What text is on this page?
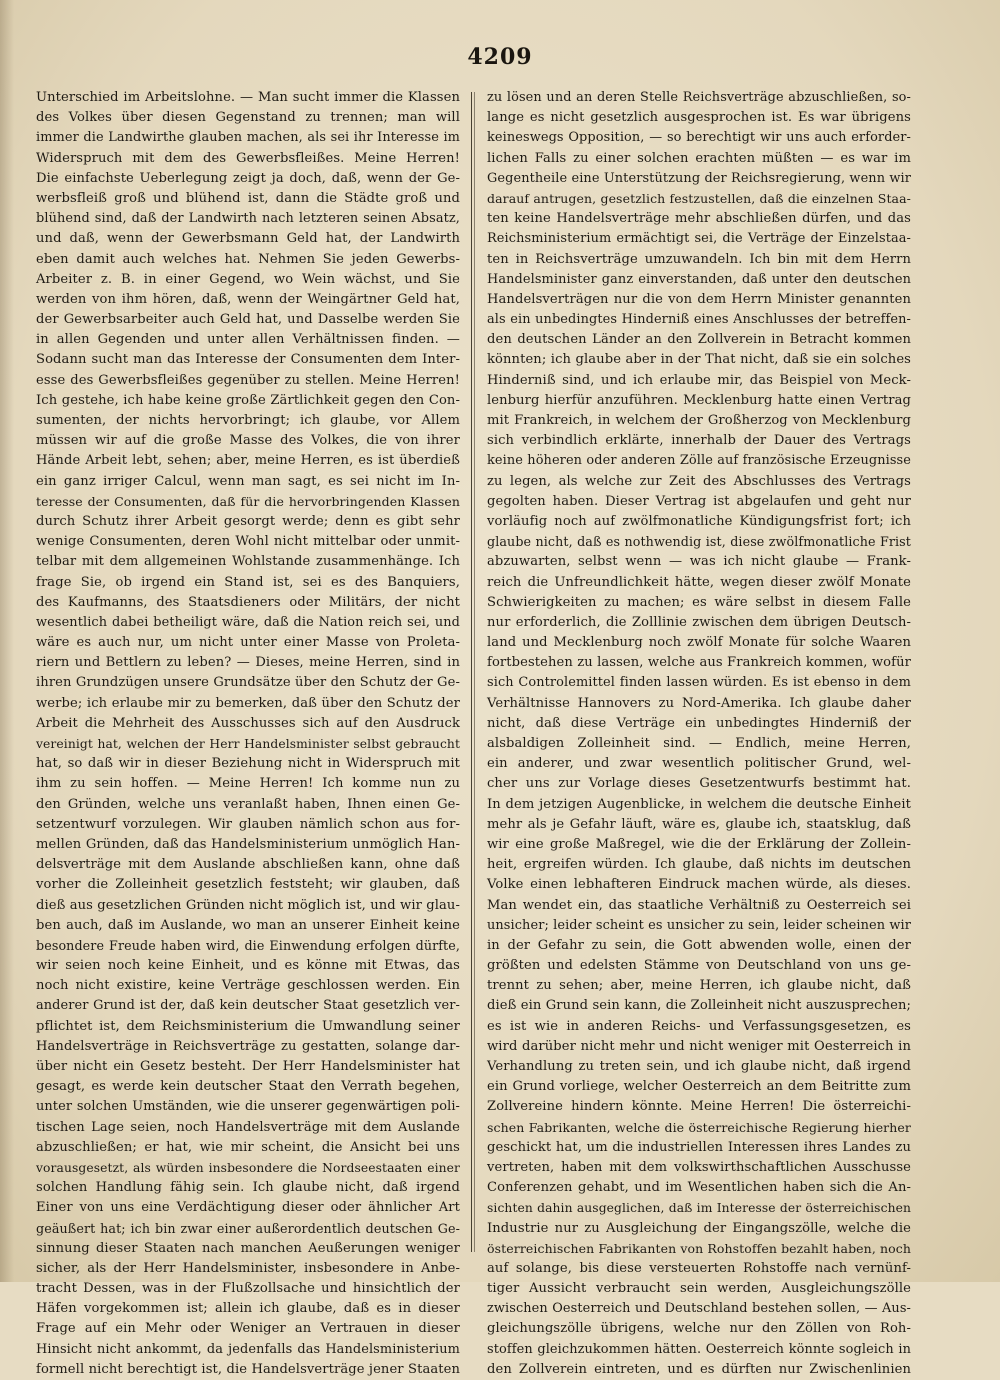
4209
Unterschied im Arbeitslohne. — Man sucht immer die Klassen
des Volkes über diesen Gegenstand zu trennen; man will
immer die Landwirthe glauben machen, als sei ihr Interesse im
Widerspruch mit dem des Gewerbsfleißes. Meine Herren!
Die einfachste Ueberlegung zeigt ja doch, daß, wenn der Ge-
werbsfleiß groß und blühend ist, dann die Städte groß und
blühend sind, daß der Landwirth nach letzteren seinen Absatz,
und daß, wenn der Gewerbsmann Geld hat, der Landwirth
eben damit auch welches hat. Nehmen Sie jeden Gewerbs-
Arbeiter z. B. in einer Gegend, wo Wein wächst, und Sie
werden von ihm hören, daß, wenn der Weingärtner Geld hat,
der Gewerbsarbeiter auch Geld hat, und Dasselbe werden Sie
in allen Gegenden und unter allen Verhältnissen finden. —
Sodann sucht man das Interesse der Consumenten dem Inter-
esse des Gewerbsfleißes gegenüber zu stellen. Meine Herren!
Ich gestehe, ich habe keine große Zärtlichkeit gegen den Con-
sumenten, der nichts hervorbringt; ich glaube, vor Allem
müssen wir auf die große Masse des Volkes, die von ihrer
Hände Arbeit lebt, sehen; aber, meine Herren, es ist überdieß
ein ganz irriger Calcul, wenn man sagt, es sei nicht im In-
teresse der Consumenten, daß für die hervorbringenden Klassen
durch Schutz ihrer Arbeit gesorgt werde; denn es gibt sehr
wenige Consumenten, deren Wohl nicht mittelbar oder unmit-
telbar mit dem allgemeinen Wohlstande zusammenhänge. Ich
frage Sie, ob irgend ein Stand ist, sei es des Banquiers,
des Kaufmanns, des Staatsdieners oder Militärs, der nicht
wesentlich dabei betheiligt wäre, daß die Nation reich sei, und
wäre es auch nur, um nicht unter einer Masse von Proleta-
riern und Bettlern zu leben? — Dieses, meine Herren, sind in
ihren Grundzügen unsere Grundsätze über den Schutz der Ge-
werbe; ich erlaube mir zu bemerken, daß über den Schutz der
Arbeit die Mehrheit des Ausschusses sich auf den Ausdruck
vereinigt hat, welchen der Herr Handelsminister selbst gebraucht
hat, so daß wir in dieser Beziehung nicht in Widerspruch mit
ihm zu sein hoffen. — Meine Herren! Ich komme nun zu
den Gründen, welche uns veranlaßt haben, Ihnen einen Ge-
setzentwurf vorzulegen. Wir glauben nämlich schon aus for-
mellen Gründen, daß das Handelsministerium unmöglich Han-
delsverträge mit dem Auslande abschließen kann, ohne daß
vorher die Zolleinheit gesetzlich feststeht; wir glauben, daß
dieß aus gesetzlichen Gründen nicht möglich ist, und wir glau-
ben auch, daß im Auslande, wo man an unserer Einheit keine
besondere Freude haben wird, die Einwendung erfolgen dürfte,
wir seien noch keine Einheit, und es könne mit Etwas, das
noch nicht existire, keine Verträge geschlossen werden. Ein
anderer Grund ist der, daß kein deutscher Staat gesetzlich ver-
pflichtet ist, dem Reichsministerium die Umwandlung seiner
Handelsverträge in Reichsverträge zu gestatten, solange dar-
über nicht ein Gesetz besteht. Der Herr Handelsminister hat
gesagt, es werde kein deutscher Staat den Verrath begehen,
unter solchen Umständen, wie die unserer gegenwärtigen poli-
tischen Lage seien, noch Handelsverträge mit dem Auslande
abzuschließen; er hat, wie mir scheint, die Ansicht bei uns
vorausgesetzt, als würden insbesondere die Nordseestaaten einer
solchen Handlung fähig sein. Ich glaube nicht, daß irgend
Einer von uns eine Verdächtigung dieser oder ähnlicher Art
geäußert hat; ich bin zwar einer außerordentlich deutschen Ge-
sinnung dieser Staaten nach manchen Aeußerungen weniger
sicher, als der Herr Handelsminister, insbesondere in Anbe-
tracht Dessen, was in der Flußzollsache und hinsichtlich der
Häfen vorgekommen ist; allein ich glaube, daß es in dieser
Frage auf ein Mehr oder Weniger an Vertrauen in dieser
Hinsicht nicht ankommt, da jedenfalls das Handelsministerium
formell nicht berechtigt ist, die Handelsverträge jener Staaten
zu lösen und an deren Stelle Reichsverträge abzuschließen, so-
lange es nicht gesetzlich ausgesprochen ist. Es war übrigens
keineswegs Opposition, — so berechtigt wir uns auch erforder-
lichen Falls zu einer solchen erachten müßten — es war im
Gegentheile eine Unterstützung der Reichsregierung, wenn wir
darauf antrugen, gesetzlich festzustellen, daß die einzelnen Staa-
ten keine Handelsverträge mehr abschließen dürfen, und das
Reichsministerium ermächtigt sei, die Verträge der Einzelstaa-
ten in Reichsverträge umzuwandeln. Ich bin mit dem Herrn
Handelsminister ganz einverstanden, daß unter den deutschen
Handelsverträgen nur die von dem Herrn Minister genannten
als ein unbedingtes Hinderniß eines Anschlusses der betreffen-
den deutschen Länder an den Zollverein in Betracht kommen
könnten; ich glaube aber in der That nicht, daß sie ein solches
Hinderniß sind, und ich erlaube mir, das Beispiel von Meck-
lenburg hierfür anzuführen. Mecklenburg hatte einen Vertrag
mit Frankreich, in welchem der Großherzog von Mecklenburg
sich verbindlich erklärte, innerhalb der Dauer des Vertrags
keine höheren oder anderen Zölle auf französische Erzeugnisse
zu legen, als welche zur Zeit des Abschlusses des Vertrags
gegolten haben. Dieser Vertrag ist abgelaufen und geht nur
vorläufig noch auf zwölfmonatliche Kündigungsfrist fort; ich
glaube nicht, daß es nothwendig ist, diese zwölfmonatliche Frist
abzuwarten, selbst wenn — was ich nicht glaube — Frank-
reich die Unfreundlichkeit hätte, wegen dieser zwölf Monate
Schwierigkeiten zu machen; es wäre selbst in diesem Falle
nur erforderlich, die Zolllinie zwischen dem übrigen Deutsch-
land und Mecklenburg noch zwölf Monate für solche Waaren
fortbestehen zu lassen, welche aus Frankreich kommen, wofür
sich Controlemittel finden lassen würden. Es ist ebenso in dem
Verhältnisse Hannovers zu Nord-Amerika. Ich glaube daher
nicht, daß diese Verträge ein unbedingtes Hinderniß der
alsbaldigen Zolleinheit sind. — Endlich, meine Herren,
ein anderer, und zwar wesentlich politischer Grund, wel-
cher uns zur Vorlage dieses Gesetzentwurfs bestimmt hat.
In dem jetzigen Augenblicke, in welchem die deutsche Einheit
mehr als je Gefahr läuft, wäre es, glaube ich, staatsklug, daß
wir eine große Maßregel, wie die der Erklärung der Zollein-
heit, ergreifen würden. Ich glaube, daß nichts im deutschen
Volke einen lebhafteren Eindruck machen würde, als dieses.
Man wendet ein, das staatliche Verhältniß zu Oesterreich sei
unsicher; leider scheint es unsicher zu sein, leider scheinen wir
in der Gefahr zu sein, die Gott abwenden wolle, einen der
größten und edelsten Stämme von Deutschland von uns ge-
trennt zu sehen; aber, meine Herren, ich glaube nicht, daß
dieß ein Grund sein kann, die Zolleinheit nicht auszusprechen;
es ist wie in anderen Reichs- und Verfassungsgesetzen, es
wird darüber nicht mehr und nicht weniger mit Oesterreich in
Verhandlung zu treten sein, und ich glaube nicht, daß irgend
ein Grund vorliege, welcher Oesterreich an dem Beitritte zum
Zollvereine hindern könnte. Meine Herren! Die österreichi-
schen Fabrikanten, welche die österreichische Regierung hierher
geschickt hat, um die industriellen Interessen ihres Landes zu
vertreten, haben mit dem volkswirthschaftlichen Ausschusse
Conferenzen gehabt, und im Wesentlichen haben sich die An-
sichten dahin ausgeglichen, daß im Interesse der österreichischen
Industrie nur zu Ausgleichung der Eingangszölle, welche die
österreichischen Fabrikanten von Rohstoffen bezahlt haben, noch
auf solange, bis diese versteuerten Rohstoffe nach vernünf-
tiger Aussicht verbraucht sein werden, Ausgleichungszölle
zwischen Oesterreich und Deutschland bestehen sollen, — Aus-
gleichungszölle übrigens, welche nur den Zöllen von Roh-
stoffen gleichzukommen hätten. Oesterreich könnte sogleich in
den Zollverein eintreten, und es dürften nur Zwischenlinien
